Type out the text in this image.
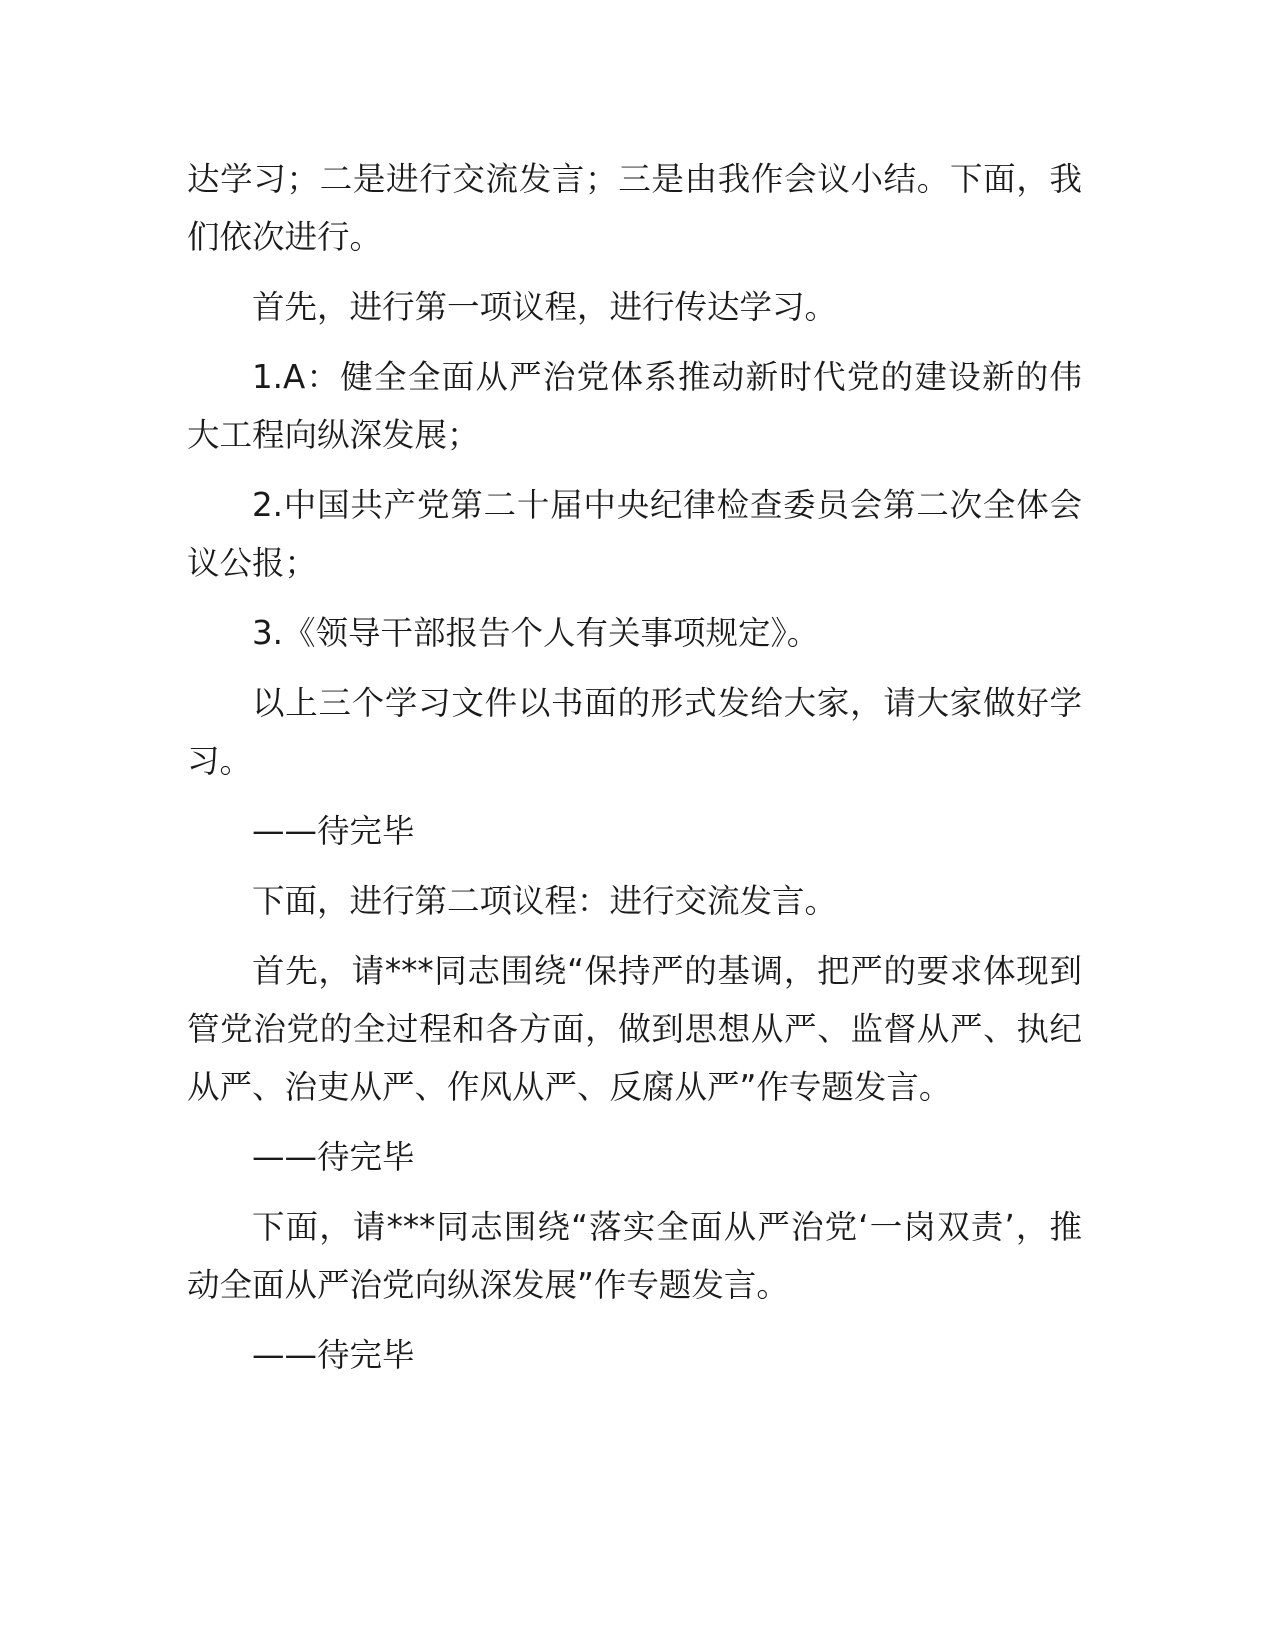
达学习；二是进行交流发言；三是由我作会议小结。下面，我们依次进行。

首先，进行第一项议程，进行传达学习。

1.A：健全全面从严治党体系推动新时代党的建设新的伟大工程向纵深发展；

2.中国共产党第二十届中央纪律检查委员会第二次全体会议公报；

3.《领导干部报告个人有关事项规定》。

以上三个学习文件以书面的形式发给大家，请大家做好学习。

——待完毕

下面，进行第二项议程：进行交流发言。

首先，请***同志围绕“保持严的基调，把严的要求体现到管党治党的全过程和各方面，做到思想从严、监督从严、执纪从严、治吏从严、作风从严、反腐从严”作专题发言。

——待完毕

下面，请***同志围绕“落实全面从严治党‘一岗双责’，推动全面从严治党向纵深发展”作专题发言。

——待完毕
